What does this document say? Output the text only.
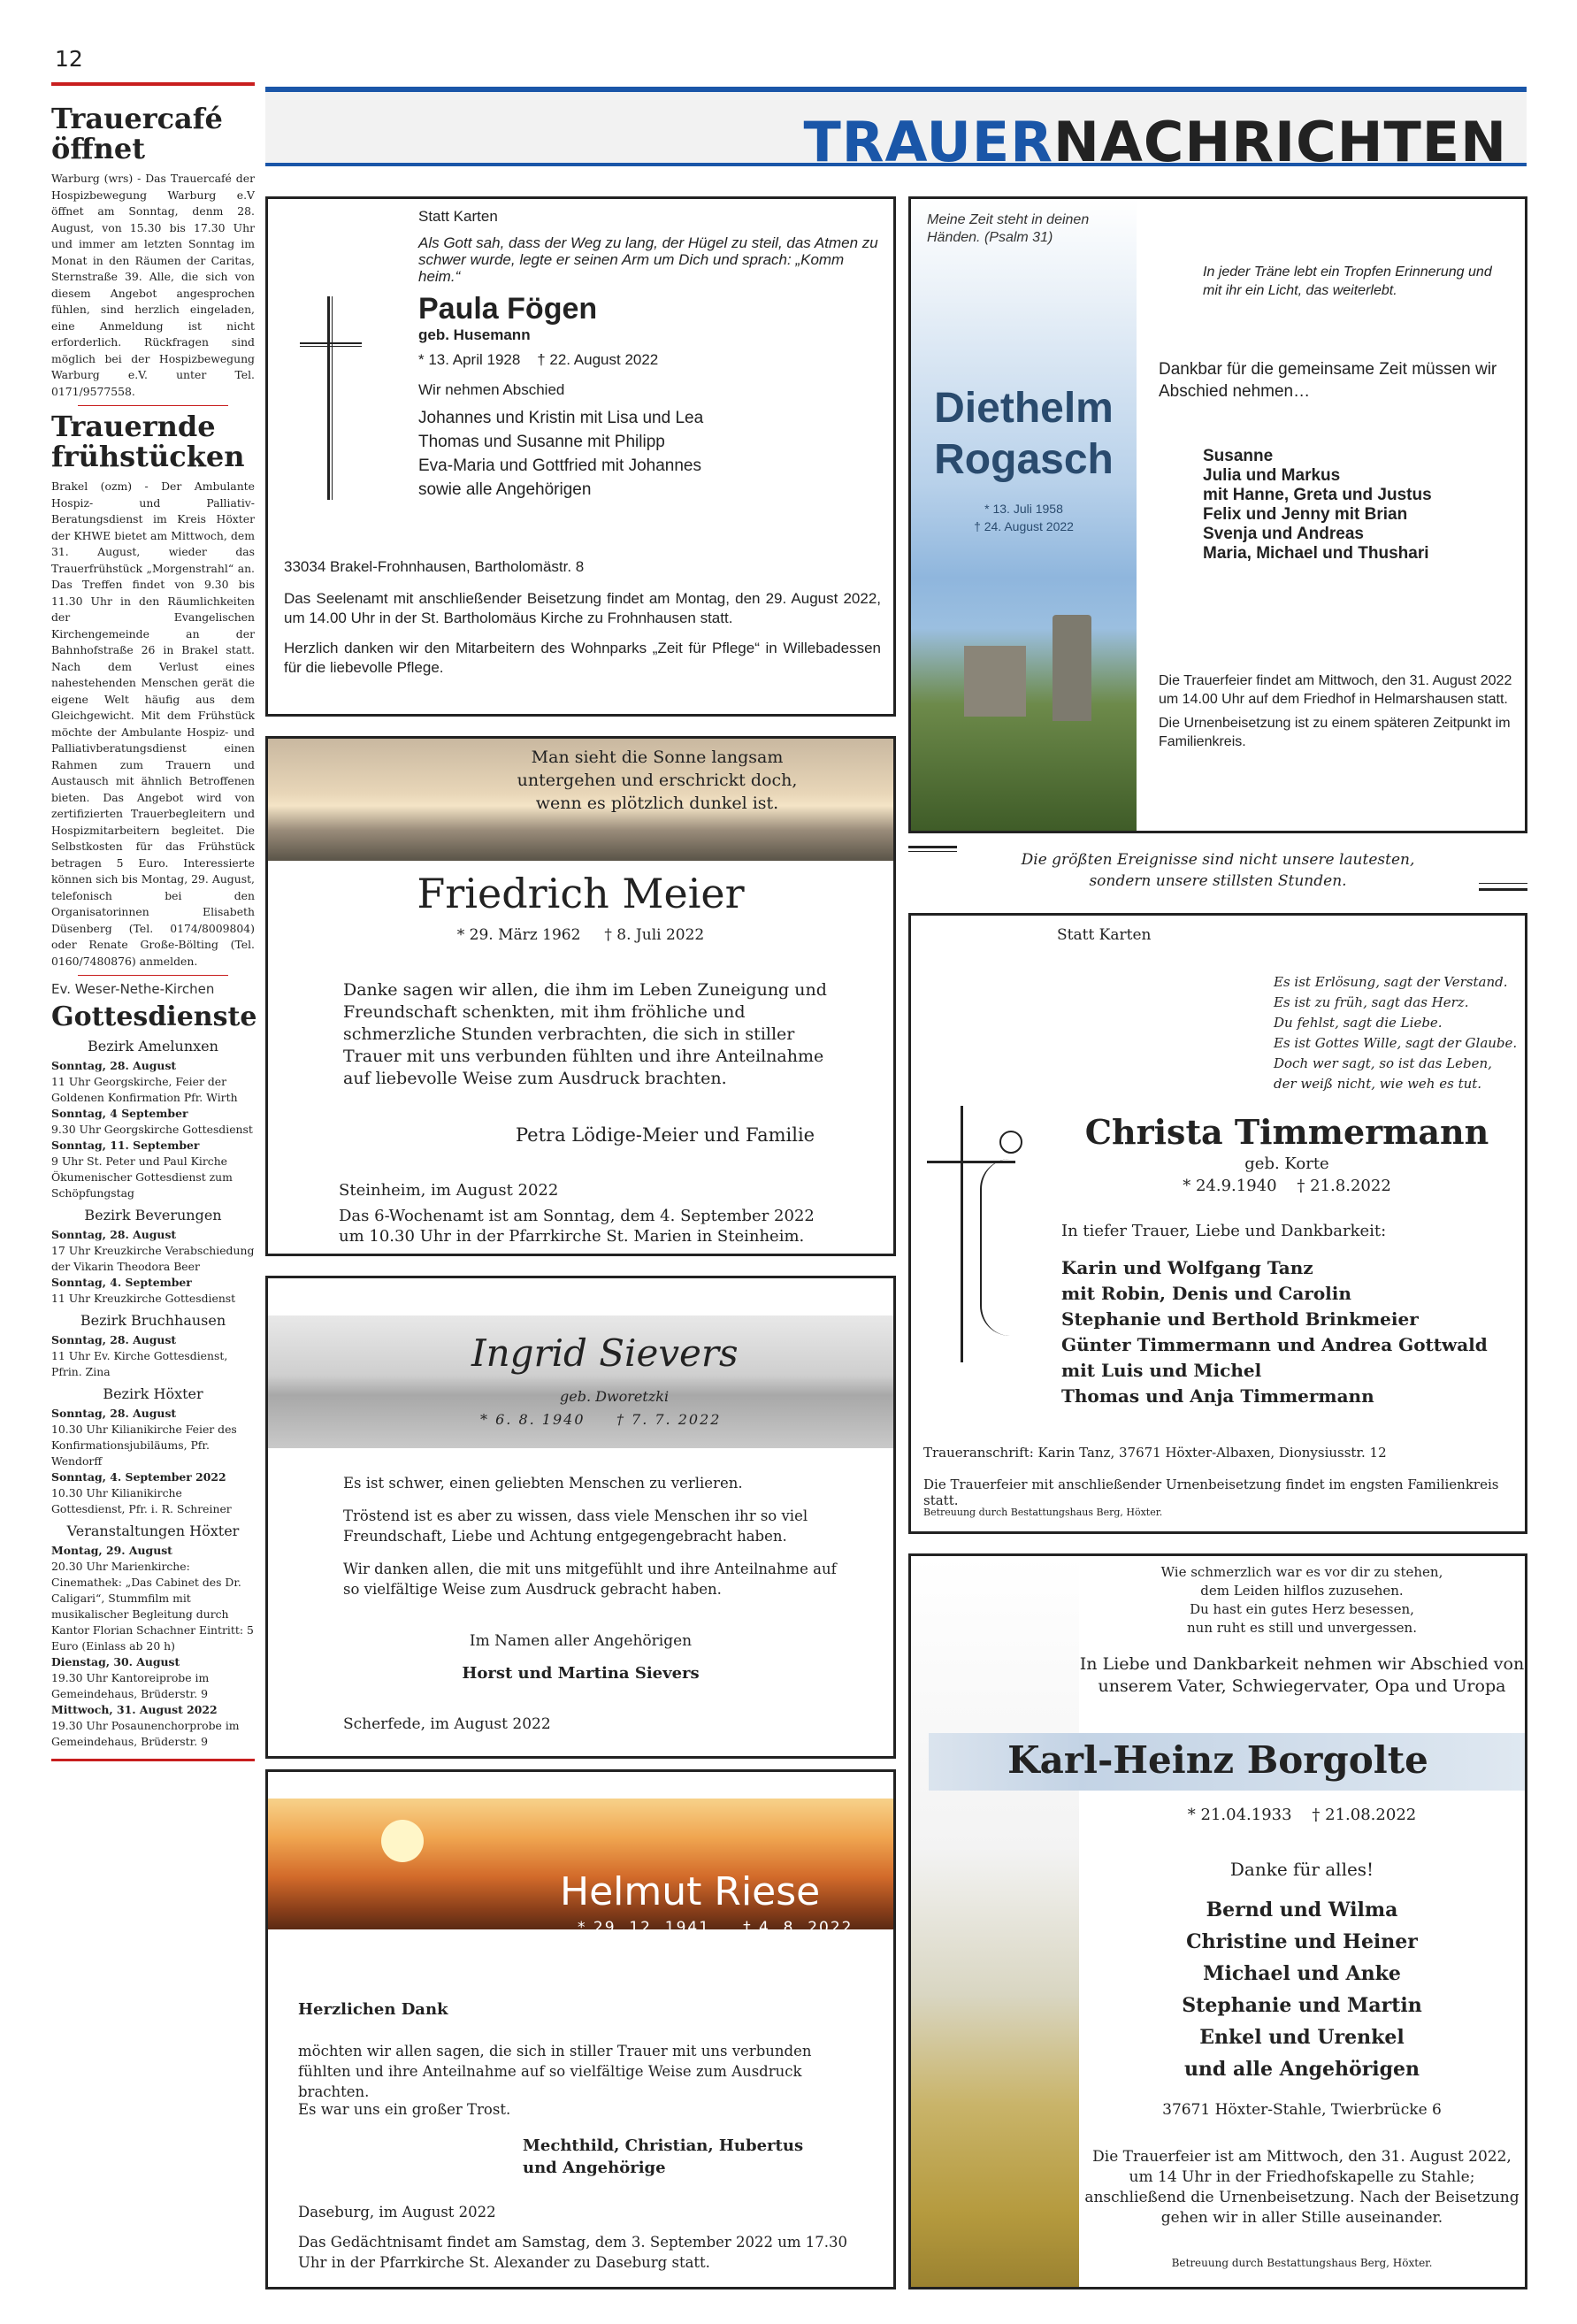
12
Trauercafé öffnet

Warburg (wrs) - Das Trauercafé der Hospizbewegung Warburg e.V öffnet am Sonntag, denm 28. August, von 15.30 bis 17.30 Uhr und immer am letzten Sonntag im Monat in den Räumen der Caritas, Sternstraße 39. Alle, die sich von diesem Angebot angesprochen fühlen, sind herzlich eingeladen, eine Anmeldung ist nicht erforderlich. Rückfragen sind möglich bei der Hospizbewegung Warburg e.V. unter Tel. 0171/9577558.

Trauernde frühstücken

Brakel (ozm) - Der Ambulante Hospiz- und Palliativ-Beratungsdienst im Kreis Höxter der KHWE bietet am Mittwoch, dem 31. August, wieder das Trauerfrühstück „Morgenstrahl“ an. Das Treffen findet von 9.30 bis 11.30 Uhr in den Räumlichkeiten der Evangelischen Kirchengemeinde an der Bahnhofstraße 26 in Brakel statt. Nach dem Verlust eines nahestehenden Menschen gerät die eigene Welt häufig aus dem Gleichgewicht. Mit dem Frühstück möchte der Ambulante Hospiz- und Palliativberatungsdienst einen Rahmen zum Trauern und Austausch mit ähnlich Betroffenen bieten. Das Angebot wird von zertifizierten Trauerbegleitern und Hospizmitarbeitern begleitet. Die Selbstkosten für das Frühstück betragen 5 Euro. Interessierte können sich bis Montag, 29. August, telefonisch bei den Organisatorinnen Elisabeth Düsenberg (Tel. 0174/8009804) oder Renate Große-Bölting (Tel. 0160/7480876) anmelden.

Ev. Weser-Nethe-Kirchen
Gottesdienste
Bezirk Amelunxen
Sonntag, 28. August
11 Uhr Georgskirche, Feier der Goldenen Konfirmation Pfr. Wirth
Sonntag, 4 September
9.30 Uhr Georgskirche Gottesdienst
Sonntag, 11. September
9 Uhr St. Peter und Paul Kirche Ökumenischer Gottesdienst zum Schöpfungstag
Bezirk Beverungen
Sonntag, 28. August
17 Uhr Kreuzkirche Verabschiedung der Vikarin Theodora Beer
Sonntag, 4. September
11 Uhr Kreuzkirche Gottesdienst
Bezirk Bruchhausen
Sonntag, 28. August
11 Uhr Ev. Kirche Gottesdienst, Pfrin. Zina
Bezirk Höxter
Sonntag, 28. August
10.30 Uhr Kilianikirche Feier des Konfirmationsjubiläums, Pfr. Wendorff
Sonntag, 4. September 2022
10.30 Uhr Kilianikirche Gottesdienst, Pfr. i. R. Schreiner
Veranstaltungen Höxter
Montag, 29. August
20.30 Uhr Marienkirche: Cinemathek: „Das Cabinet des Dr. Caligari“, Stummfilm mit musikalischer Begleitung durch Kantor Florian Schachner Eintritt: 5 Euro (Einlass ab 20 h)
Dienstag, 30. August
19.30 Uhr Kantoreiprobe im Gemeindehaus, Brüderstr. 9
Mittwoch, 31. August 2022
19.30 Uhr Posaunenchorprobe im Gemeindehaus, Brüderstr. 9
TRAUERNACHRICHTEN
Statt Karten
Als Gott sah, dass der Weg zu lang, der Hügel zu steil, das Atmen zu schwer wurde, legte er seinen Arm um Dich und sprach: „Komm heim.“
Paula Fögen
geb. Husemann
* 13. April 1928    † 22. August 2022
Wir nehmen Abschied
Johannes und Kristin mit Lisa und Lea
Thomas und Susanne mit Philipp
Eva-Maria und Gottfried mit Johannes
sowie alle Angehörigen
33034 Brakel-Frohnhausen, Bartholomästr. 8
Das Seelenamt mit anschließender Beisetzung findet am Montag, den 29. August 2022, um 14.00 Uhr in der St. Bartholomäus Kirche zu Frohnhausen statt.
Herzlich danken wir den Mitarbeitern des Wohnparks „Zeit für Pflege“ in Willebadessen für die liebevolle Pflege.
Meine Zeit steht in deinen Händen. (Psalm 31)
Diethelm
Rogasch
* 13. Juli 1958
† 24. August 2022
In jeder Träne lebt ein Tropfen Erinnerung und mit ihr ein Licht, das weiterlebt.
Dankbar für die gemeinsame Zeit müssen wir Abschied nehmen…
Susanne
Julia und Markus
mit Hanne, Greta und Justus
Felix und Jenny mit Brian
Svenja und Andreas
Maria, Michael und Thushari
Die Trauerfeier findet am Mittwoch, den 31. August 2022 um 14.00 Uhr auf dem Friedhof in Helmarshausen statt.
Die Urnenbeisetzung ist zu einem späteren Zeitpunkt im Familienkreis.
Die größten Ereignisse sind nicht unsere lautesten, sondern unsere stillsten Stunden.
Man sieht die Sonne langsam untergehen und erschrickt doch, wenn es plötzlich dunkel ist.
Friedrich Meier
* 29. März 1962     † 8. Juli 2022
Danke sagen wir allen, die ihm im Leben Zuneigung und Freundschaft schenkten, mit ihm fröhliche und schmerzliche Stunden verbrachten, die sich in stiller Trauer mit uns verbunden fühlten und ihre Anteilnahme auf liebevolle Weise zum Ausdruck brachten.
Petra Lödige-Meier und Familie
Steinheim, im August 2022
Das 6-Wochenamt ist am Sonntag, dem 4. September 2022 um 10.30 Uhr in der Pfarrkirche St. Marien in Steinheim.
Statt Karten
Es ist Erlösung, sagt der Verstand.
Es ist zu früh, sagt das Herz.
Du fehlst, sagt die Liebe.
Es ist Gottes Wille, sagt der Glaube.
Doch wer sagt, so ist das Leben,
der weiß nicht, wie weh es tut.
Christa Timmermann
geb. Korte
* 24.9.1940    † 21.8.2022
In tiefer Trauer, Liebe und Dankbarkeit:
Karin und Wolfgang Tanz
mit Robin, Denis und Carolin
Stephanie und Berthold Brinkmeier
Günter Timmermann und Andrea Gottwald
mit Luis und Michel
Thomas und Anja Timmermann
Traueranschrift: Karin Tanz, 37671 Höxter-Albaxen, Dionysiusstr. 12
Die Trauerfeier mit anschließender Urnenbeisetzung findet im engsten Familienkreis statt.
Betreuung durch Bestattungshaus Berg, Höxter.
Ingrid Sievers
geb. Dworetzki
* 6. 8. 1940     † 7. 7. 2022
Es ist schwer, einen geliebten Menschen zu verlieren.
Tröstend ist es aber zu wissen, dass viele Menschen ihr so viel Freundschaft, Liebe und Achtung entgegengebracht haben.
Wir danken allen, die mit uns mitgefühlt und ihre Anteilnahme auf so vielfältige Weise zum Ausdruck gebracht haben.
Im Namen aller Angehörigen
Horst und Martina Sievers
Scherfede, im August 2022
Wie schmerzlich war es vor dir zu stehen,
dem Leiden hilflos zuzusehen.
Du hast ein gutes Herz besessen,
nun ruht es still und unvergessen.
In Liebe und Dankbarkeit nehmen wir Abschied von unserem Vater, Schwiegervater, Opa und Uropa
Karl-Heinz Borgolte
* 21.04.1933    † 21.08.2022
Danke für alles!
Bernd und Wilma
Christine und Heiner
Michael und Anke
Stephanie und Martin
Enkel und Urenkel
und alle Angehörigen
37671 Höxter-Stahle, Twierbrücke 6
Die Trauerfeier ist am Mittwoch, den 31. August 2022, um 14 Uhr in der Friedhofskapelle zu Stahle; anschließend die Urnenbeisetzung. Nach der Beisetzung gehen wir in aller Stille auseinander.
Betreuung durch Bestattungshaus Berg, Höxter.
Helmut Riese
* 29. 12. 1941     † 4. 8. 2022
Herzlichen Dank
möchten wir allen sagen, die sich in stiller Trauer mit uns verbunden fühlten und ihre Anteilnahme auf so vielfältige Weise zum Ausdruck brachten.
Es war uns ein großer Trost.
Mechthild, Christian, Hubertus und Angehörige
Daseburg, im August 2022
Das Gedächtnisamt findet am Samstag, dem 3. September 2022 um 17.30 Uhr in der Pfarrkirche St. Alexander zu Daseburg statt.
